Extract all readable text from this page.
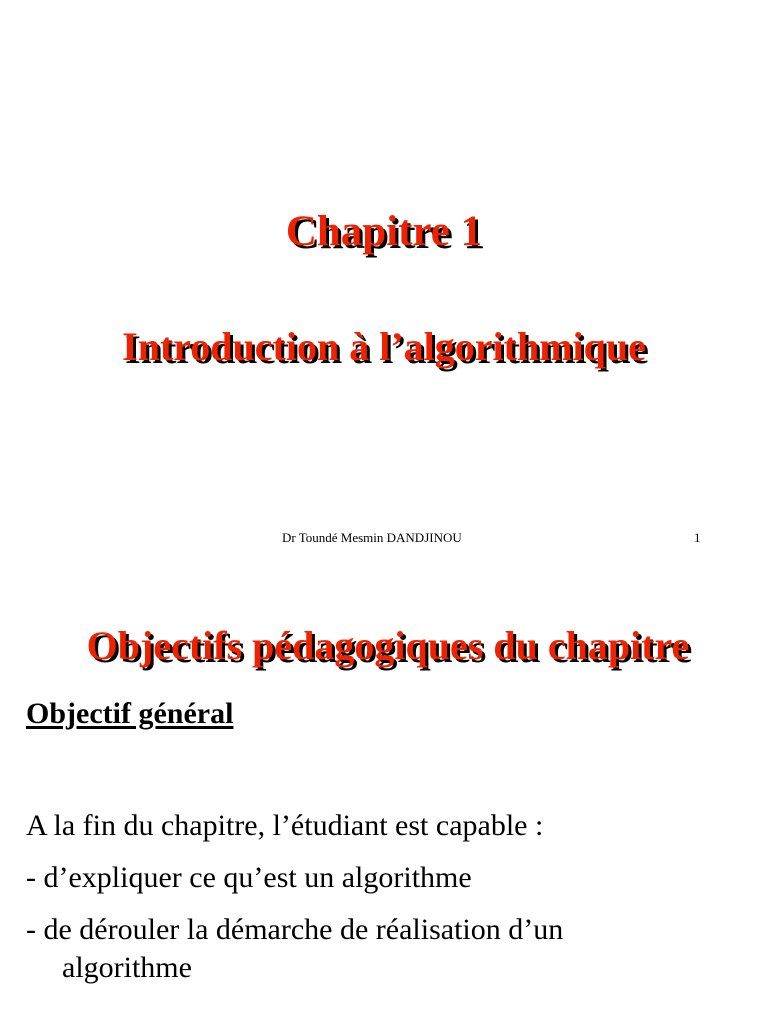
Chapitre 1
Introduction à l’algorithmique
Dr Toundé Mesmin DANDJINOU	1
Objectifs pédagogiques du chapitre
Objectif général

A la fin du chapitre, l’étudiant est capable :

- d’expliquer ce qu’est un algorithme

- de dérouler la démarche de réalisation d’un

algorithme
